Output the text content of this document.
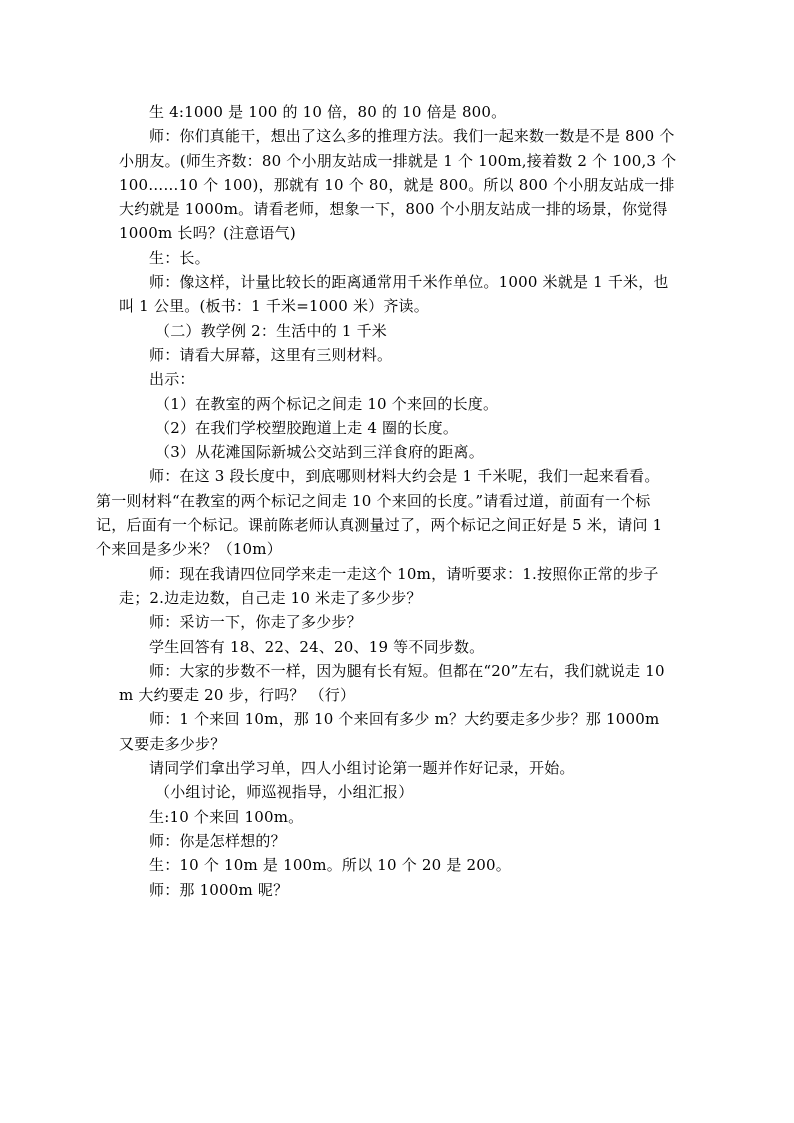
生 4:1000 是 100 的 10 倍，80 的 10 倍是 800。

师：你们真能干，想出了这么多的推理方法。我们一起来数一数是不是 800 个小朋友。(师生齐数：80 个小朋友站成一排就是 1 个 100m,接着数 2 个 100,3 个 100……10 个 100)，那就有 10 个 80，就是 800。所以 800 个小朋友站成一排大约就是 1000m。请看老师，想象一下，800 个小朋友站成一排的场景，你觉得 1000m 长吗？(注意语气)

生：长。

师：像这样，计量比较长的距离通常用千米作单位。1000 米就是 1 千米，也叫 1 公里。(板书：1 千米=1000 米）齐读。

（二）教学例 2：生活中的 1 千米

师：请看大屏幕，这里有三则材料。

出示：

（1）在教室的两个标记之间走 10 个来回的长度。

（2）在我们学校塑胶跑道上走 4 圈的长度。

（3）从花滩国际新城公交站到三洋食府的距离。

师：在这 3 段长度中，到底哪则材料大约会是 1 千米呢，我们一起来看看。

第一则材料“在教室的两个标记之间走 10 个来回的长度。”请看过道，前面有一个标记，后面有一个标记。课前陈老师认真测量过了，两个标记之间正好是 5 米，请问 1 个来回是多少米？（10m）

师：现在我请四位同学来走一走这个 10m，请听要求：1.按照你正常的步子走；2.边走边数，自己走 10 米走了多少步？

师：采访一下，你走了多少步？

学生回答有 18、22、24、20、19 等不同步数。

师：大家的步数不一样，因为腿有长有短。但都在“20”左右，我们就说走 10m 大约要走 20 步，行吗？ （行）

师：1 个来回 10m，那 10 个来回有多少 m？大约要走多少步？那 1000m 又要走多少步？

请同学们拿出学习单，四人小组讨论第一题并作好记录，开始。

（小组讨论，师巡视指导，小组汇报）

生:10 个来回 100m。

师：你是怎样想的？

生：10 个 10m 是 100m。所以 10 个 20 是 200。

师：那 1000m 呢？
